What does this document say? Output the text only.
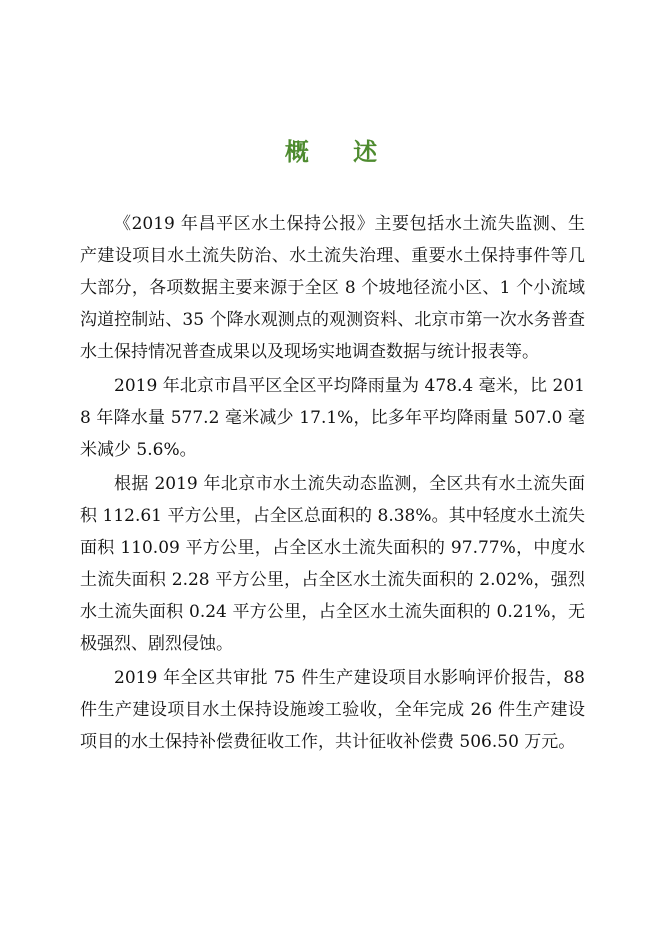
概 述

《2019 年昌平区水土保持公报》主要包括水土流失监测、生产建设项目水土流失防治、水土流失治理、重要水土保持事件等几大部分，各项数据主要来源于全区 8 个坡地径流小区、1 个小流域沟道控制站、35 个降水观测点的观测资料、北京市第一次水务普查水土保持情况普查成果以及现场实地调查数据与统计报表等。

2019 年北京市昌平区全区平均降雨量为 478.4 毫米，比 2018 年降水量 577.2 毫米减少 17.1%，比多年平均降雨量 507.0 毫米减少 5.6%。

根据 2019 年北京市水土流失动态监测，全区共有水土流失面积 112.61 平方公里，占全区总面积的 8.38%。其中轻度水土流失面积 110.09 平方公里，占全区水土流失面积的 97.77%，中度水土流失面积 2.28 平方公里，占全区水土流失面积的 2.02%，强烈水土流失面积 0.24 平方公里，占全区水土流失面积的 0.21%，无极强烈、剧烈侵蚀。

2019 年全区共审批 75 件生产建设项目水影响评价报告，88 件生产建设项目水土保持设施竣工验收，全年完成 26 件生产建设项目的水土保持补偿费征收工作，共计征收补偿费 506.50 万元。
